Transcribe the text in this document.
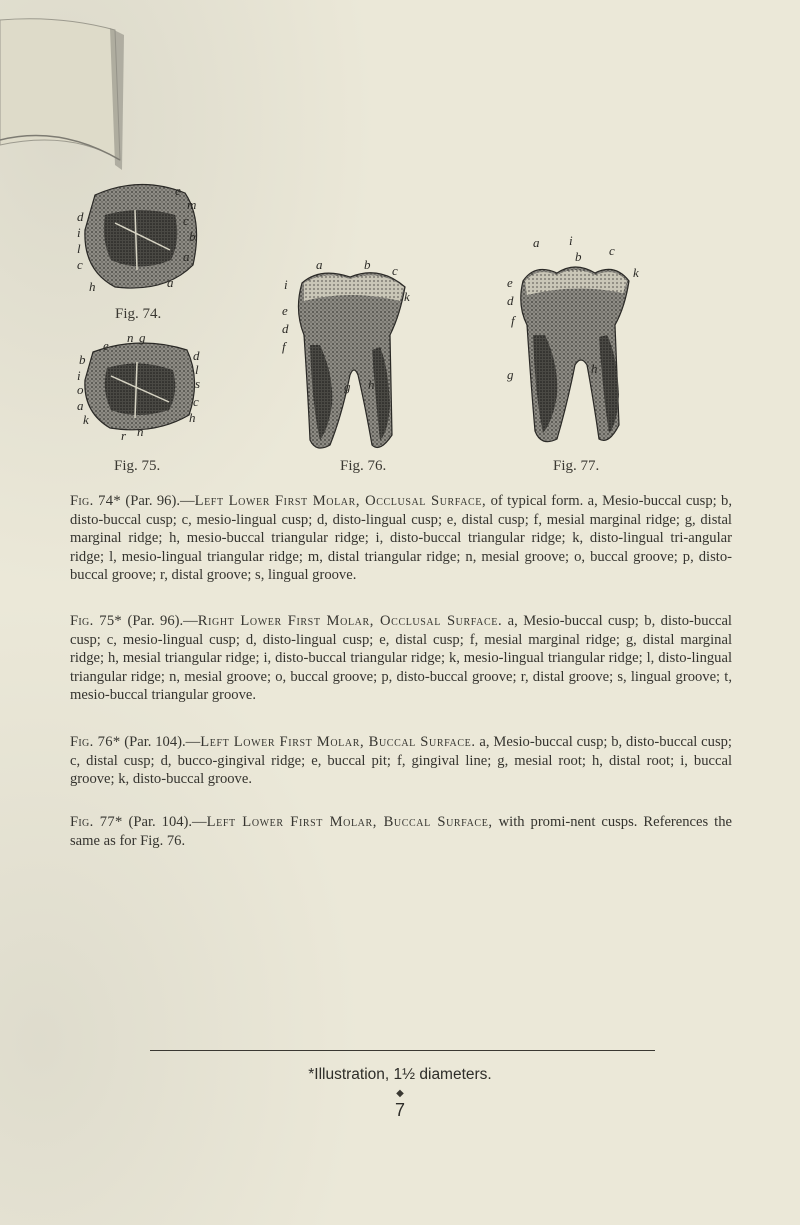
e
m
c
b
a
d
i
l
c
h	a
Fig. 74.
n g
e
b
i
o
a
k
d
l
s
c
h
r n
Fig. 75.
a	b c
i
e
d
f
k
g h
Fig. 76.
a i
b c
k
e
d
f
g	h
Fig. 77.

Fig. 74* (Par. 96).—Left Lower First Molar, Occlusal Surface, of typical form. a, Mesio-buccal cusp; b, disto-buccal cusp; c, mesio-lingual cusp; d, disto-lingual cusp; e, distal cusp; f, mesial marginal ridge; g, distal marginal ridge; h, mesio-buccal triangular ridge; i, disto-buccal triangular ridge; k, disto-lingual tri-angular ridge; l, mesio-lingual triangular ridge; m, distal triangular ridge; n, mesial groove; o, buccal groove; p, disto-buccal groove; r, distal groove; s, lingual groove.

Fig. 75* (Par. 96).—Right Lower First Molar, Occlusal Surface. a, Mesio-buccal cusp; b, disto-buccal cusp; c, mesio-lingual cusp; d, disto-lingual cusp; e, distal cusp; f, mesial marginal ridge; g, distal marginal ridge; h, mesial triangular ridge; i, disto-buccal triangular ridge; k, mesio-lingual triangular ridge; l, disto-lingual triangular ridge; n, mesial groove; o, buccal groove; p, disto-buccal groove; r, distal groove; s, lingual groove; t, mesio-buccal triangular groove.

Fig. 76* (Par. 104).—Left Lower First Molar, Buccal Surface. a, Mesio-buccal cusp; b, disto-buccal cusp; c, distal cusp; d, bucco-gingival ridge; e, buccal pit; f, gingival line; g, mesial root; h, distal root; i, buccal groove; k, disto-buccal groove.

Fig. 77* (Par. 104).—Left Lower First Molar, Buccal Surface, with promi-nent cusps. References the same as for Fig. 76.

*Illustration, 1½ diameters.
◆
7
